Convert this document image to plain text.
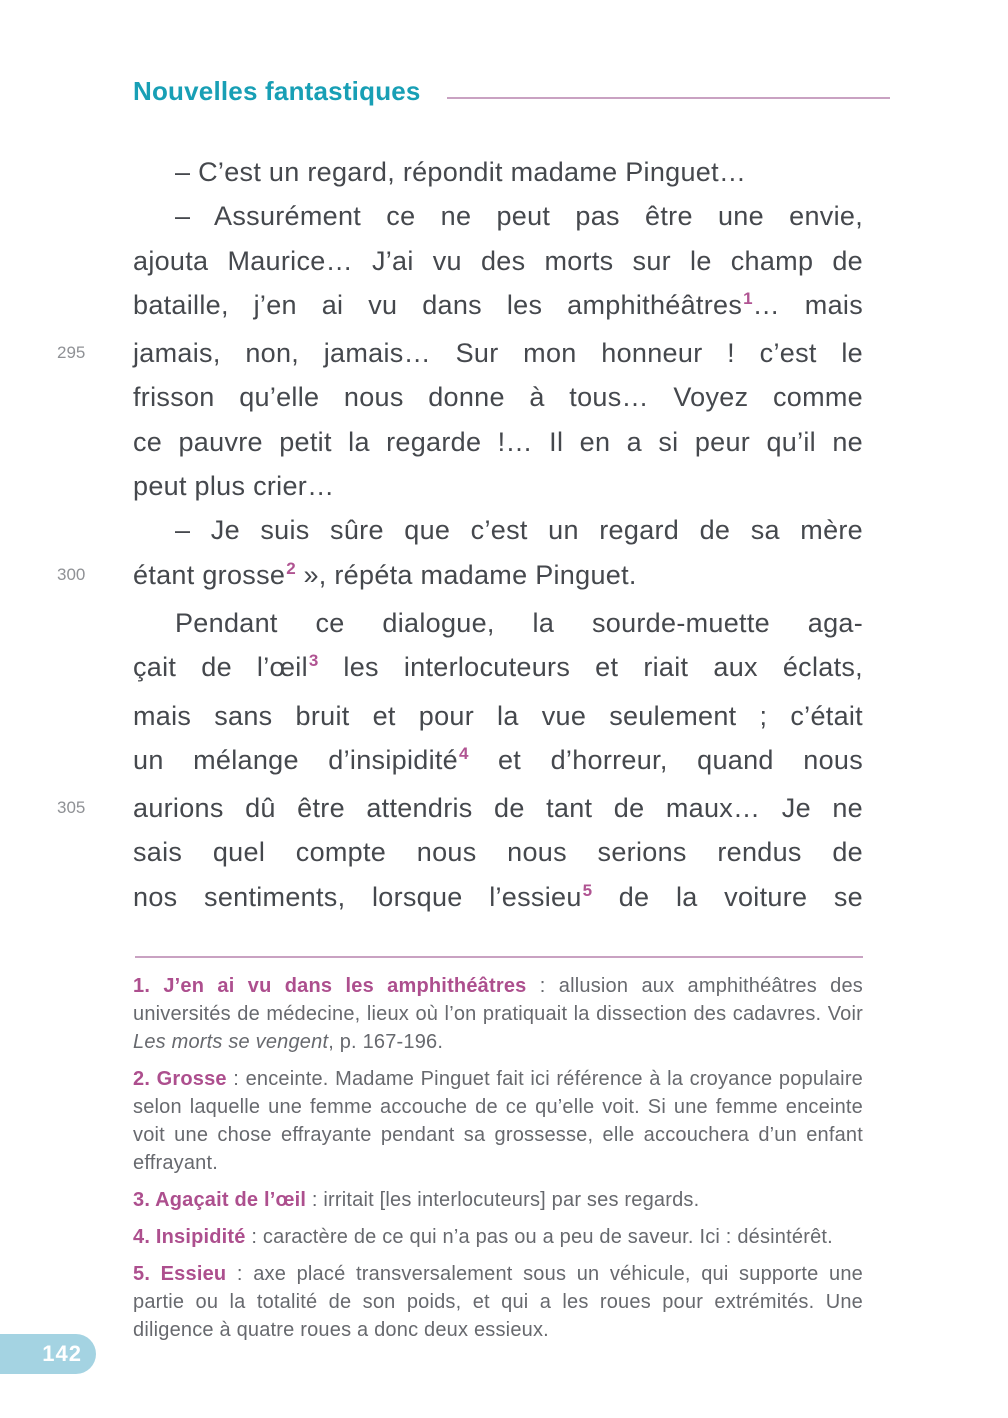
Nouvelles fantastiques
– C’est un regard, répondit madame Pinguet…
– Assurément ce ne peut pas être une envie,
ajouta Maurice… J’ai vu des morts sur le champ de
bataille, j’en ai vu dans les amphithéâtres$^1$… mais
295	jamais, non, jamais… Sur mon honneur ! c’est le
frisson qu’elle nous donne à tous… Voyez comme
ce pauvre petit la regarde !… Il en a si peur qu’il ne
peut plus crier…
– Je suis sûre que c’est un regard de sa mère
300	étant grosse$^2$ », répéta madame Pinguet.
Pendant ce dialogue, la sourde-muette aga-
çait de l’œil$^3$ les interlocuteurs et riait aux éclats,
mais sans bruit et pour la vue seulement ; c’était
un mélange d’insipidité$^4$ et d’horreur, quand nous
305	aurions dû être attendris de tant de maux… Je ne
sais quel compte nous nous serions rendus de
nos sentiments, lorsque l’essieu$^5$ de la voiture se

1. J’en ai vu dans les amphithéâtres : allusion aux amphithéâtres des universités de médecine, lieux où l’on pratiquait la dissection des cadavres. Voir Les morts se vengent, p. 167-196.

2. Grosse : enceinte. Madame Pinguet fait ici référence à la croyance populaire selon laquelle une femme accouche de ce qu’elle voit. Si une femme enceinte voit une chose effrayante pendant sa grossesse, elle accouchera d’un enfant effrayant.

3. Agaçait de l’œil : irritait [les interlocuteurs] par ses regards.

4. Insipidité : caractère de ce qui n’a pas ou a peu de saveur. Ici : désintérêt.

5. Essieu : axe placé transversalement sous un véhicule, qui supporte une partie ou la totalité de son poids, et qui a les roues pour extrémités. Une diligence à quatre roues a donc deux essieux.

142
